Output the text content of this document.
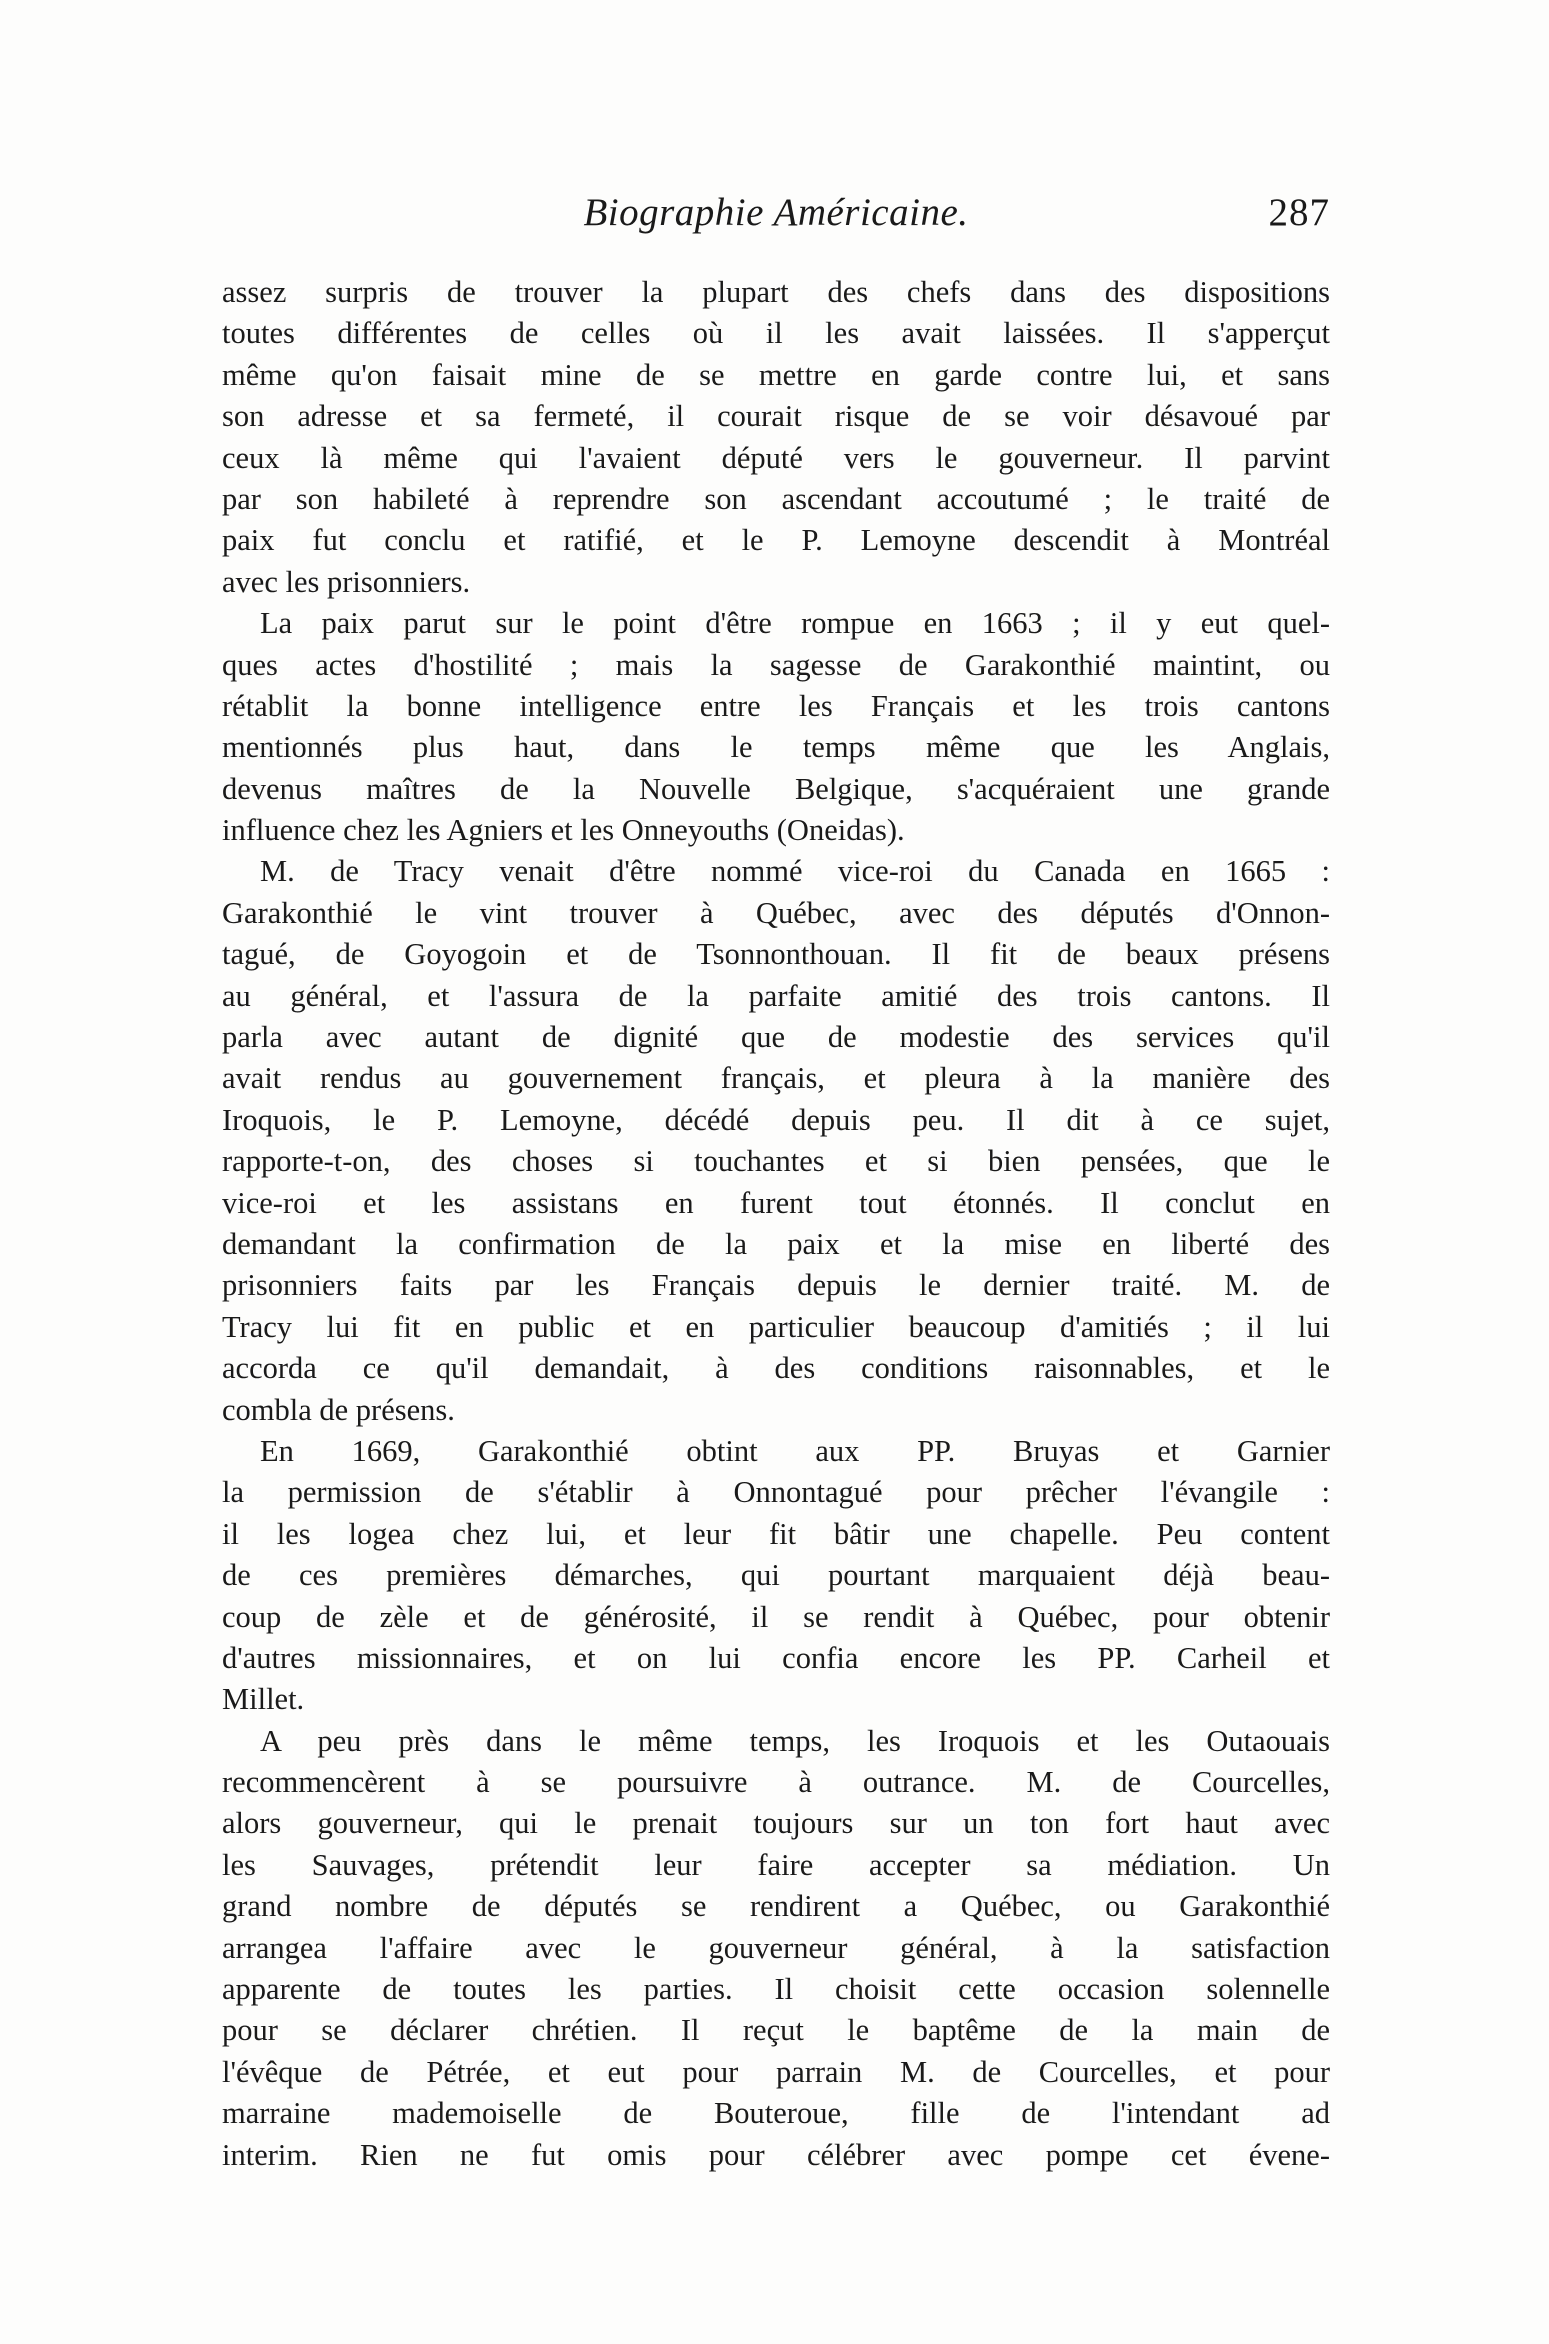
Biographie Américaine.	287
assez surpris de trouver la plupart des chefs dans des dispositions
toutes différentes de celles où il les avait laissées. Il s'apperçut
même qu'on faisait mine de se mettre en garde contre lui, et sans
son adresse et sa fermeté, il courait risque de se voir désavoué par
ceux là même qui l'avaient député vers le gouverneur. Il parvint
par son habileté à reprendre son ascendant accoutumé ; le traité de
paix fut conclu et ratifié, et le P. Lemoyne descendit à Montréal
avec les prisonniers.
La paix parut sur le point d'être rompue en 1663 ; il y eut quel-
ques actes d'hostilité ; mais la sagesse de Garakonthié maintint, ou
rétablit la bonne intelligence entre les Français et les trois cantons
mentionnés plus haut, dans le temps même que les Anglais,
devenus maîtres de la Nouvelle Belgique, s'acquéraient une grande
influence chez les Agniers et les Onneyouths (Oneidas).
M. de Tracy venait d'être nommé vice-roi du Canada en 1665 :
Garakonthié le vint trouver à Québec, avec des députés d'Onnon-
tagué, de Goyogoin et de Tsonnonthouan. Il fit de beaux présens
au général, et l'assura de la parfaite amitié des trois cantons. Il
parla avec autant de dignité que de modestie des services qu'il
avait rendus au gouvernement français, et pleura à la manière des
Iroquois, le P. Lemoyne, décédé depuis peu. Il dit à ce sujet,
rapporte-t-on, des choses si touchantes et si bien pensées, que le
vice-roi et les assistans en furent tout étonnés. Il conclut en
demandant la confirmation de la paix et la mise en liberté des
prisonniers faits par les Français depuis le dernier traité. M. de
Tracy lui fit en public et en particulier beaucoup d'amitiés ; il lui
accorda ce qu'il demandait, à des conditions raisonnables, et le
combla de présens.
En 1669, Garakonthié obtint aux PP. Bruyas et Garnier
la permission de s'établir à Onnontagué pour prêcher l'évangile :
il les logea chez lui, et leur fit bâtir une chapelle. Peu content
de ces premières démarches, qui pourtant marquaient déjà beau-
coup de zèle et de générosité, il se rendit à Québec, pour obtenir
d'autres missionnaires, et on lui confia encore les PP. Carheil et
Millet.
A peu près dans le même temps, les Iroquois et les Outaouais
recommencèrent à se poursuivre à outrance. M. de Courcelles,
alors gouverneur, qui le prenait toujours sur un ton fort haut avec
les Sauvages, prétendit leur faire accepter sa médiation. Un
grand nombre de députés se rendirent a Québec, ou Garakonthié
arrangea l'affaire avec le gouverneur général, à la satisfaction
apparente de toutes les parties. Il choisit cette occasion solennelle
pour se déclarer chrétien. Il reçut le baptême de la main de
l'évêque de Pétrée, et eut pour parrain M. de Courcelles, et pour
marraine mademoiselle de Bouteroue, fille de l'intendant ad
interim. Rien ne fut omis pour célébrer avec pompe cet évene-
